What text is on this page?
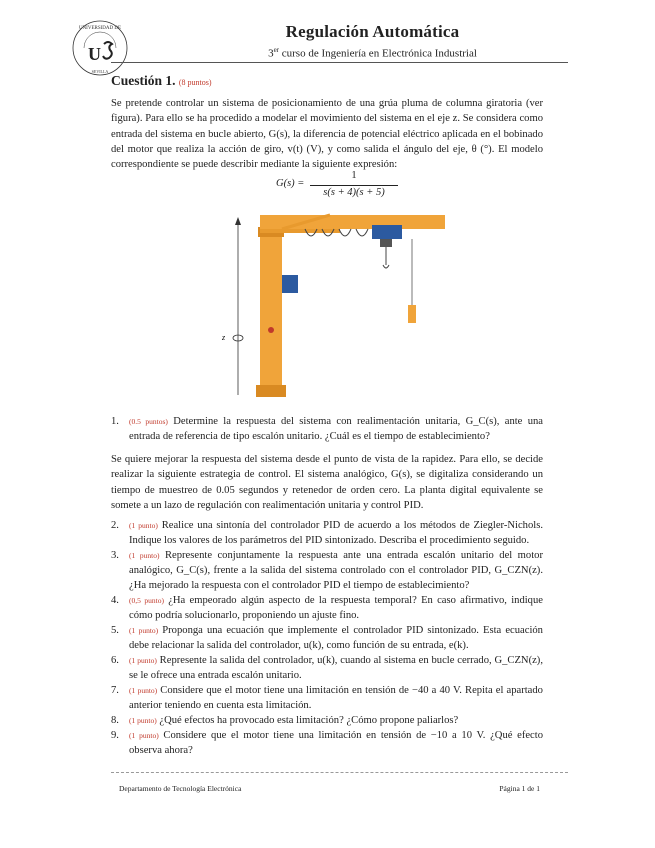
UNIVERSIDAD DE
U
SEVILLA
Regulación Automática
3er curso de Ingeniería en Electrónica Industrial
Cuestión 1. (8 puntos)
Se pretende controlar un sistema de posicionamiento de una grúa pluma de columna giratoria (ver figura). Para ello se ha procedido a modelar el movimiento del sistema en el eje z. Se considera como entrada del sistema en bucle abierto, G(s), la diferencia de potencial eléctrico aplicada en el bobinado del motor que realiza la acción de giro, v(t) (V), y como salida el ángulo del eje, θ (°). El modelo correspondiente se puede describir mediante la siguiente expresión:
G(s) =
1
s(s + 4)(s + 5)
z
1. (0.5 puntos) Determine la respuesta del sistema con realimentación unitaria, G_C(s), ante una entrada de referencia de tipo escalón unitario. ¿Cuál es el tiempo de establecimiento?
Se quiere mejorar la respuesta del sistema desde el punto de vista de la rapidez. Para ello, se decide realizar la siguiente estrategia de control. El sistema analógico, G(s), se digitaliza considerando un tiempo de muestreo de 0.05 segundos y retenedor de orden cero. La planta digital equivalente se somete a un lazo de regulación con realimentación unitaria y control PID.
2. (1 punto) Realice una sintonía del controlador PID de acuerdo a los métodos de Ziegler-Nichols. Indique los valores de los parámetros del PID sintonizado. Describa el procedimiento seguido.
3. (1 punto) Represente conjuntamente la respuesta ante una entrada escalón unitario del motor analógico, G_C(s), frente a la salida del sistema controlado con el controlador PID, G_CZN(z). ¿Ha mejorado la respuesta con el controlador PID el tiempo de establecimiento?
4. (0,5 punto) ¿Ha empeorado algún aspecto de la respuesta temporal? En caso afirmativo, indique cómo podría solucionarlo, proponiendo un ajuste fino.
5. (1 punto) Proponga una ecuación que implemente el controlador PID sintonizado. Esta ecuación debe relacionar la salida del controlador, u(k), como función de su entrada, e(k).
6. (1 punto) Represente la salida del controlador, u(k), cuando al sistema en bucle cerrado, G_CZN(z), se le ofrece una entrada escalón unitario.
7. (1 punto) Considere que el motor tiene una limitación en tensión de −40 a 40 V. Repita el apartado anterior teniendo en cuenta esta limitación.
8. (1 punto) ¿Qué efectos ha provocado esta limitación? ¿Cómo propone paliarlos?
9. (1 punto) Considere que el motor tiene una limitación en tensión de −10 a 10 V. ¿Qué efecto observa ahora?
Departamento de Tecnología Electrónica	Página 1 de 1
